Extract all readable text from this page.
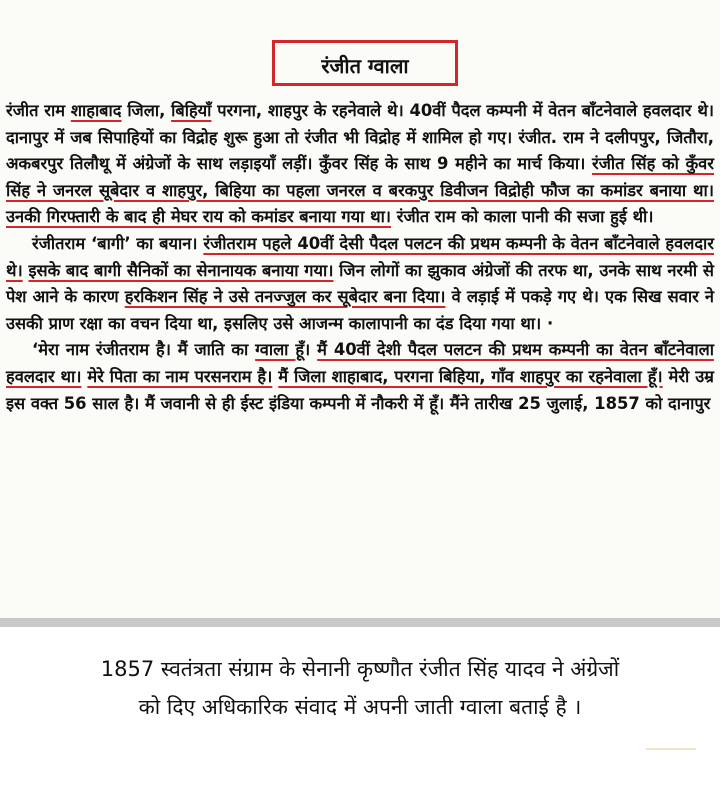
रंजीत ग्वाला

रंजीत राम शाहाबाद जिला, बिहियाँ परगना, शाहपुर के रहनेवाले थे। 40वीं पैदल कम्पनी में वेतन बाँटनेवाले हवलदार थे। दानापुर में जब सिपाहियों का विद्रोह शुरू हुआ तो रंजीत भी विद्रोह में शामिल हो गए। रंजीत. राम ने दलीपपुर, जितौरा, अकबरपुर तिलौथू में अंग्रेजों के साथ लड़ाइयाँ लड़ीं। कुँवर सिंह के साथ 9 महीने का मार्च किया। रंजीत सिंह को कुँवर सिंह ने जनरल सूबेदार व शाहपुर, बिहिया का पहला जनरल व बरकपुर डिवीजन विद्रोही फौज का कमांडर बनाया था। उनकी गिरफ्तारी के बाद ही मेघर राय को कमांडर बनाया गया था। रंजीत राम को काला पानी की सजा हुई थी।

रंजीतराम ‘बागी’ का बयान। रंजीतराम पहले 40वीं देसी पैदल पलटन की प्रथम कम्पनी के वेतन बाँटनेवाले हवलदार थे। इसके बाद बागी सैनिकों का सेनानायक बनाया गया। जिन लोगों का झुकाव अंग्रेजों की तरफ था, उनके साथ नरमी से पेश आने के कारण हरकिशन सिंह ने उसे तनज्जुल कर सूबेदार बना दिया। वे लड़ाई में पकड़े गए थे। एक सिख सवार ने उसकी प्राण रक्षा का वचन दिया था, इसलिए उसे आजन्म कालापानी का दंड दिया गया था। ·

‘मेरा नाम रंजीतराम है। मैं जाति का ग्वाला हूँ। मैं 40वीं देशी पैदल पलटन की प्रथम कम्पनी का वेतन बाँटनेवाला हवलदार था। मेरे पिता का नाम परसनराम है। मैं जिला शाहाबाद, परगना बिहिया, गाँव शाहपुर का रहनेवाला हूँ। मेरी उम्र इस वक्त 56 साल है। मैं जवानी से ही ईस्ट इंडिया कम्पनी में नौकरी में हूँ। मैंने तारीख 25 जुलाई, 1857 को दानापुर

1857 स्वतंत्रता संग्राम के सेनानी कृष्णौत रंजीत सिंह यादव ने अंग्रेजों
को दिए अधिकारिक संवाद में अपनी जाती ग्वाला बताई है ।
